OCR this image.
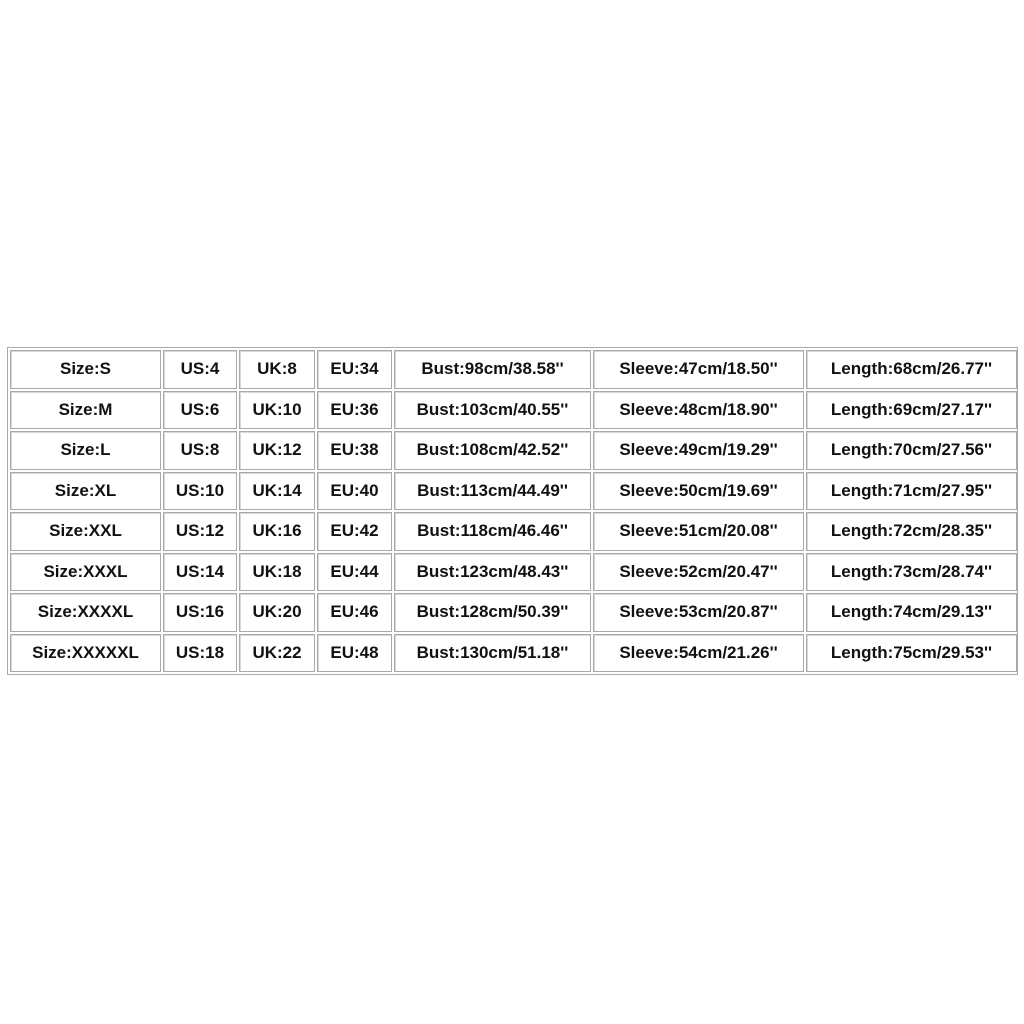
Size:S	US:4	UK:8	EU:34	Bust:98cm/38.58''	Sleeve:47cm/18.50''	Length:68cm/26.77''
Size:M	US:6	UK:10	EU:36	Bust:103cm/40.55''	Sleeve:48cm/18.90''	Length:69cm/27.17''
Size:L	US:8	UK:12	EU:38	Bust:108cm/42.52''	Sleeve:49cm/19.29''	Length:70cm/27.56''
Size:XL	US:10	UK:14	EU:40	Bust:113cm/44.49''	Sleeve:50cm/19.69''	Length:71cm/27.95''
Size:XXL	US:12	UK:16	EU:42	Bust:118cm/46.46''	Sleeve:51cm/20.08''	Length:72cm/28.35''
Size:XXXL	US:14	UK:18	EU:44	Bust:123cm/48.43''	Sleeve:52cm/20.47''	Length:73cm/28.74''
Size:XXXXL	US:16	UK:20	EU:46	Bust:128cm/50.39''	Sleeve:53cm/20.87''	Length:74cm/29.13''
Size:XXXXXL	US:18	UK:22	EU:48	Bust:130cm/51.18''	Sleeve:54cm/21.26''	Length:75cm/29.53''
